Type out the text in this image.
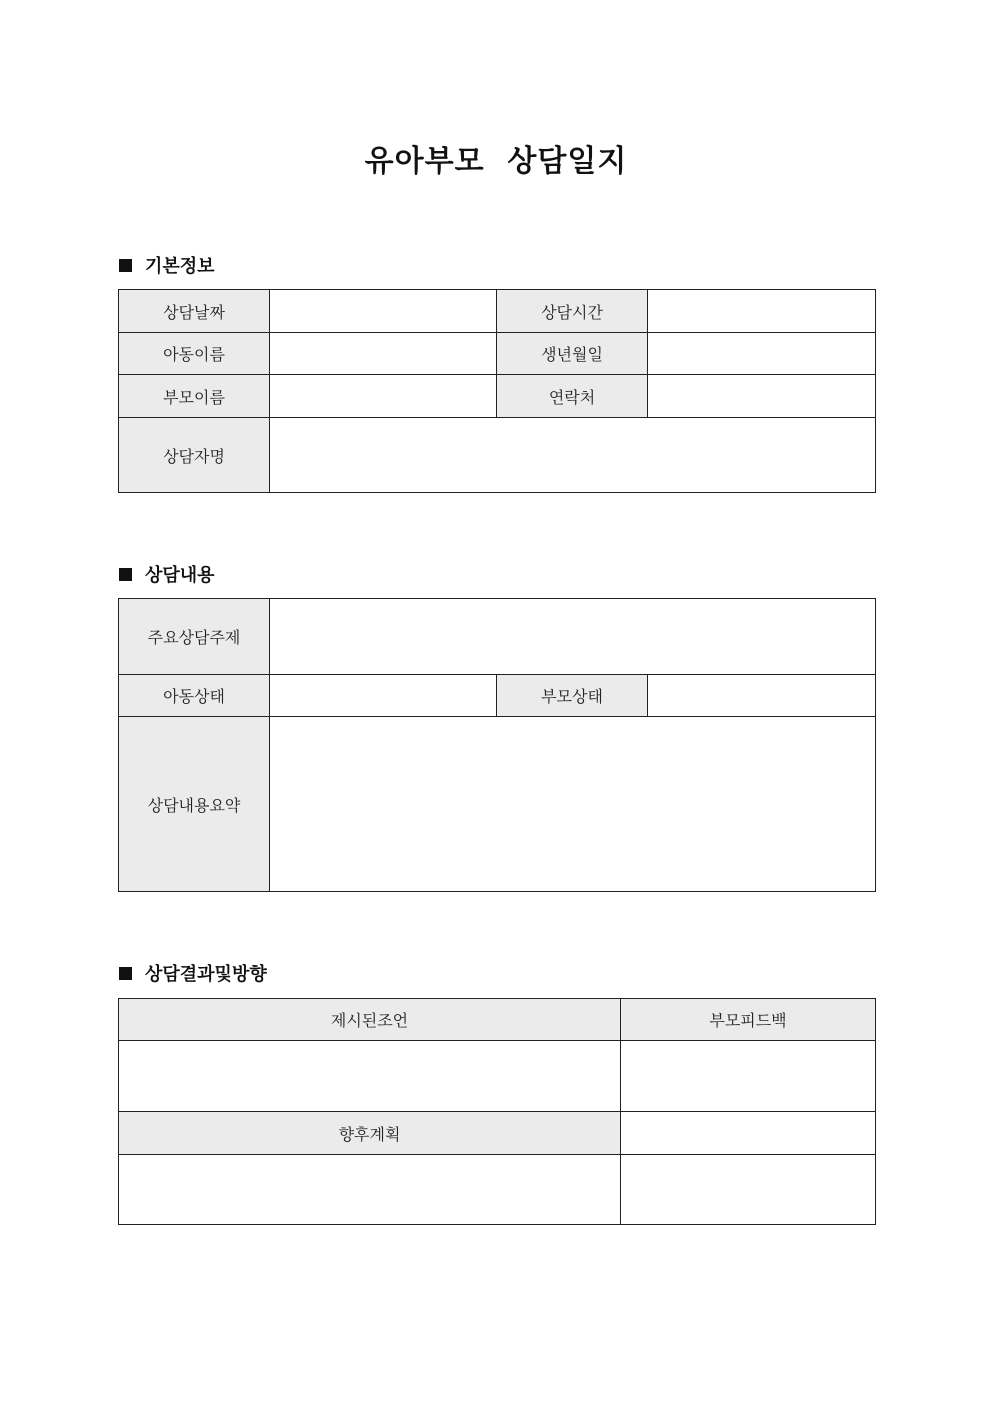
유아부모  상담일지
기본정보
상담날짜		상담시간	
아동이름		생년월일	
부모이름		연락처	
상담자명			
상담내용
주요상담주제			
아동상태		부모상태	
상담내용요약			
상담결과및방향
제시된조언	부모피드백

향후계획	
